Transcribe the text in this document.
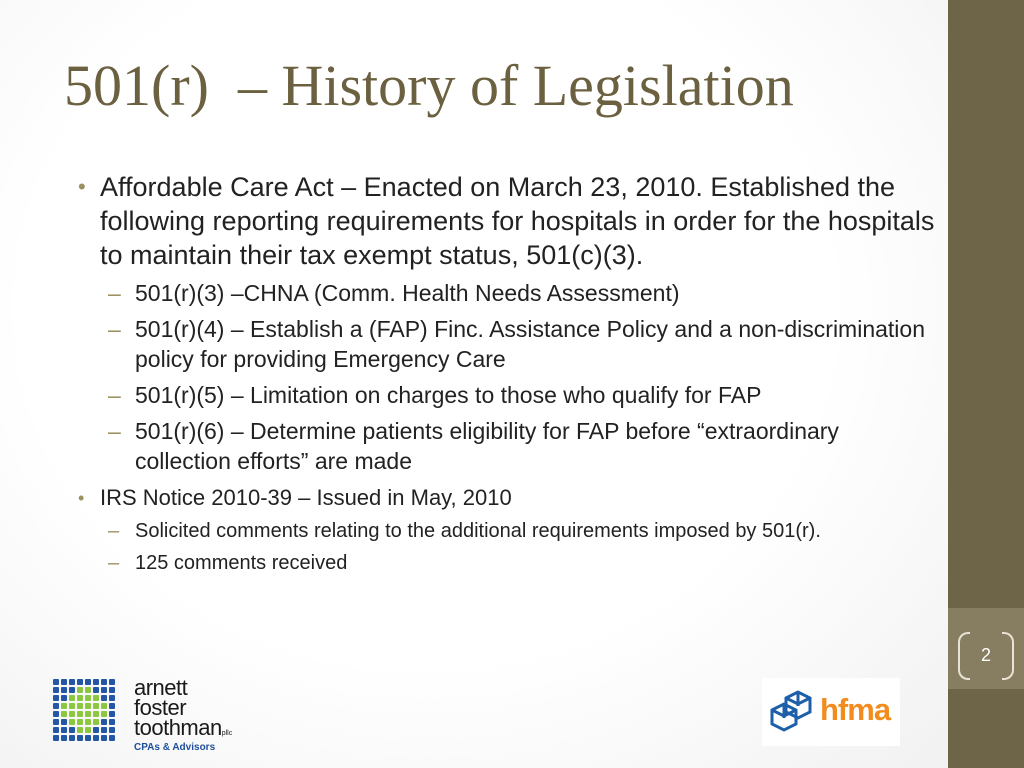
2
501(r)  – History of Legislation
• Affordable Care Act – Enacted on March 23, 2010. Established the following reporting requirements for hospitals in order for the hospitals to maintain their tax exempt status, 501(c)(3).
– 501(r)(3) –CHNA (Comm. Health Needs Assessment)
– 501(r)(4) – Establish a (FAP) Finc. Assistance Policy and a non-discrimination policy for providing Emergency Care
– 501(r)(5) – Limitation on charges to those who qualify for FAP
– 501(r)(6) – Determine patients eligibility for FAP before “extraordinary collection efforts” are made
• IRS Notice 2010-39 – Issued in May, 2010
– Solicited comments relating to the additional requirements imposed by 501(r).
– 125 comments received
arnett
foster
toothmanpllc
CPAs & Advisors
hfma
